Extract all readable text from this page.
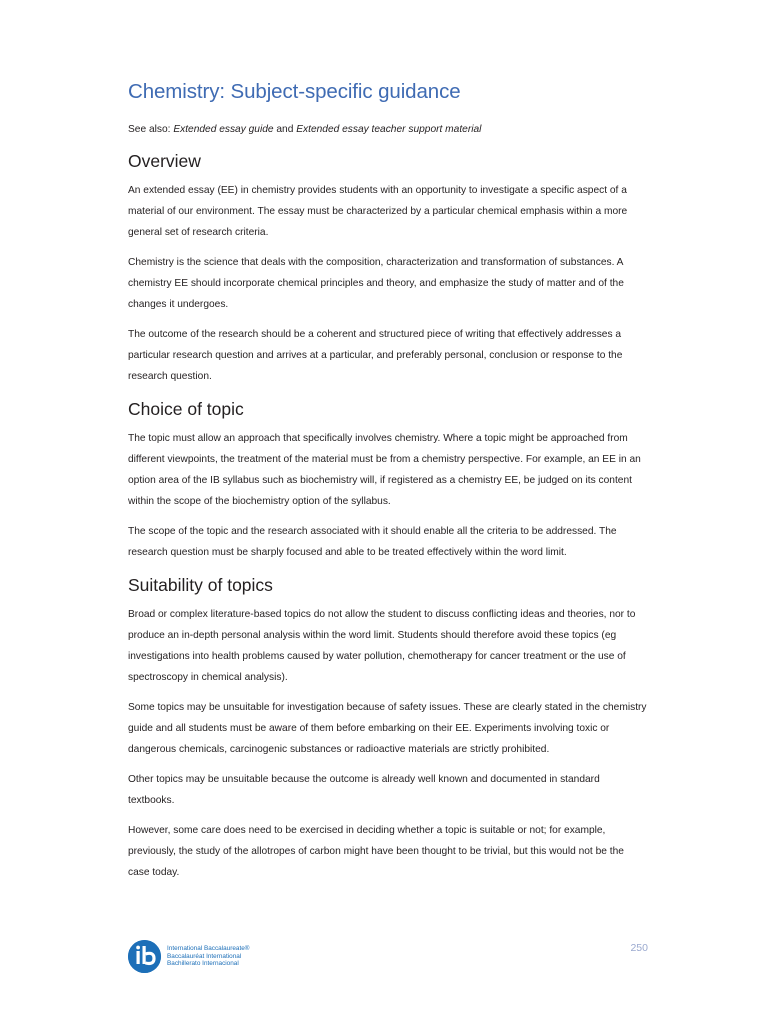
Chemistry: Subject-specific guidance
See also: Extended essay guide and Extended essay teacher support material
Overview

An extended essay (EE) in chemistry provides students with an opportunity to investigate a specific aspect of a material of our environment. The essay must be characterized by a particular chemical emphasis within a more general set of research criteria.

Chemistry is the science that deals with the composition, characterization and transformation of substances. A chemistry EE should incorporate chemical principles and theory, and emphasize the study of matter and of the changes it undergoes.

The outcome of the research should be a coherent and structured piece of writing that effectively addresses a particular research question and arrives at a particular, and preferably personal, conclusion or response to the research question.

Choice of topic

The topic must allow an approach that specifically involves chemistry. Where a topic might be approached from different viewpoints, the treatment of the material must be from a chemistry perspective. For example, an EE in an option area of the IB syllabus such as biochemistry will, if registered as a chemistry EE, be judged on its content within the scope of the biochemistry option of the syllabus.

The scope of the topic and the research associated with it should enable all the criteria to be addressed. The research question must be sharply focused and able to be treated effectively within the word limit.

Suitability of topics

Broad or complex literature-based topics do not allow the student to discuss conflicting ideas and theories, nor to produce an in-depth personal analysis within the word limit. Students should therefore avoid these topics (eg investigations into health problems caused by water pollution, chemotherapy for cancer treatment or the use of spectroscopy in chemical analysis).

Some topics may be unsuitable for investigation because of safety issues. These are clearly stated in the chemistry guide and all students must be aware of them before embarking on their EE. Experiments involving toxic or dangerous chemicals, carcinogenic substances or radioactive materials are strictly prohibited.

Other topics may be unsuitable because the outcome is already well known and documented in standard textbooks.

However, some care does need to be exercised in deciding whether a topic is suitable or not; for example, previously, the study of the allotropes of carbon might have been thought to be trivial, but this would not be the case today.

International Baccalaureate®
Baccalauréat International
Bachillerato Internacional
250
